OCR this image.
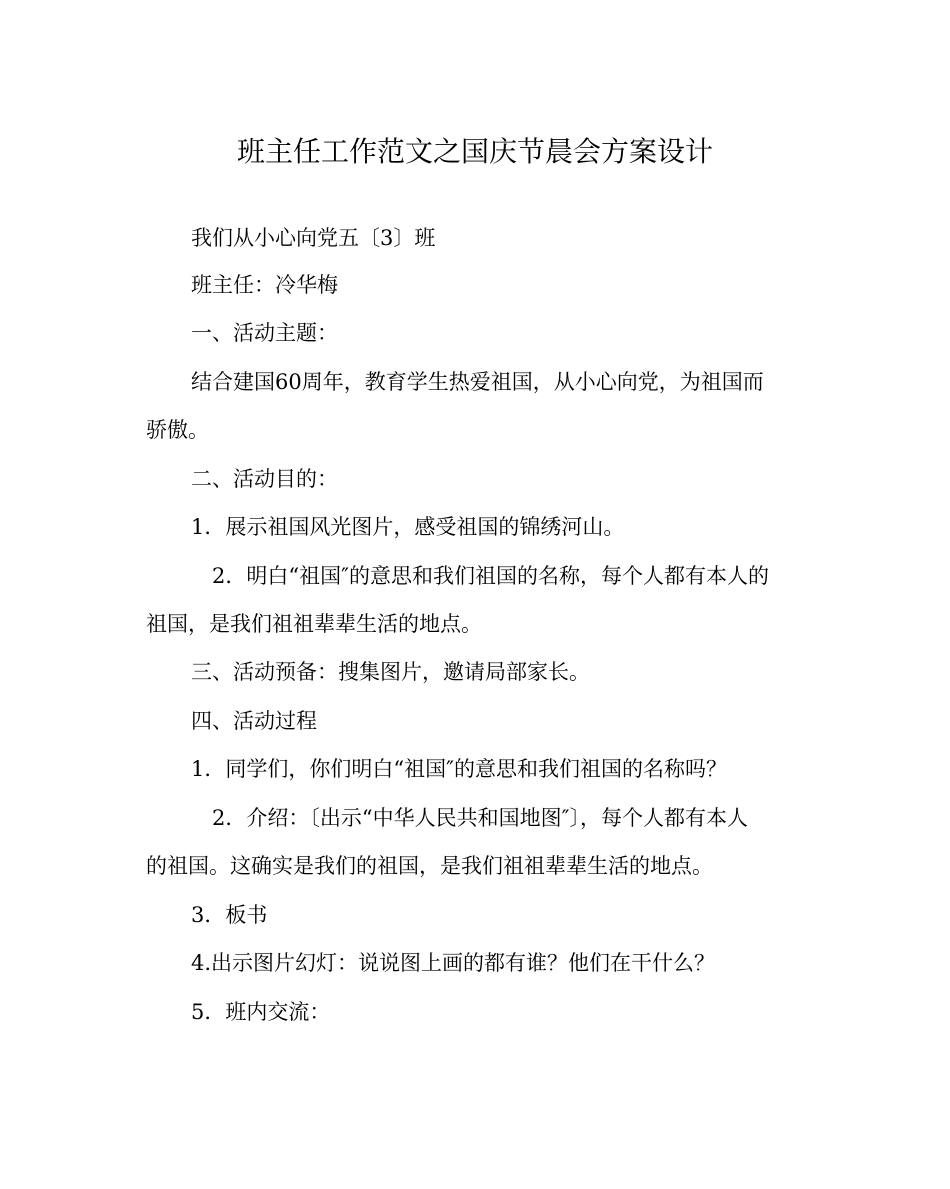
班主任工作范文之国庆节晨会方案设计
我们从小心向党五〔3〕班
班主任：冷华梅
一、活动主题：
结合建国60周年，教育学生热爱祖国，从小心向党，为祖国而
骄傲。
二、活动目的：
1．展示祖国风光图片，感受祖国的锦绣河山。
2．明白“祖国″的意思和我们祖国的名称，每个人都有本人的
祖国，是我们祖祖辈辈生活的地点。
三、活动预备：搜集图片，邀请局部家长。
四、活动过程
1．同学们，你们明白“祖国″的意思和我们祖国的名称吗？
2．介绍：〔出示“中华人民共和国地图″〕，每个人都有本人
的祖国。这确实是我们的祖国，是我们祖祖辈辈生活的地点。
3．板书
4.出示图片幻灯：说说图上画的都有谁？他们在干什么？
5．班内交流：
